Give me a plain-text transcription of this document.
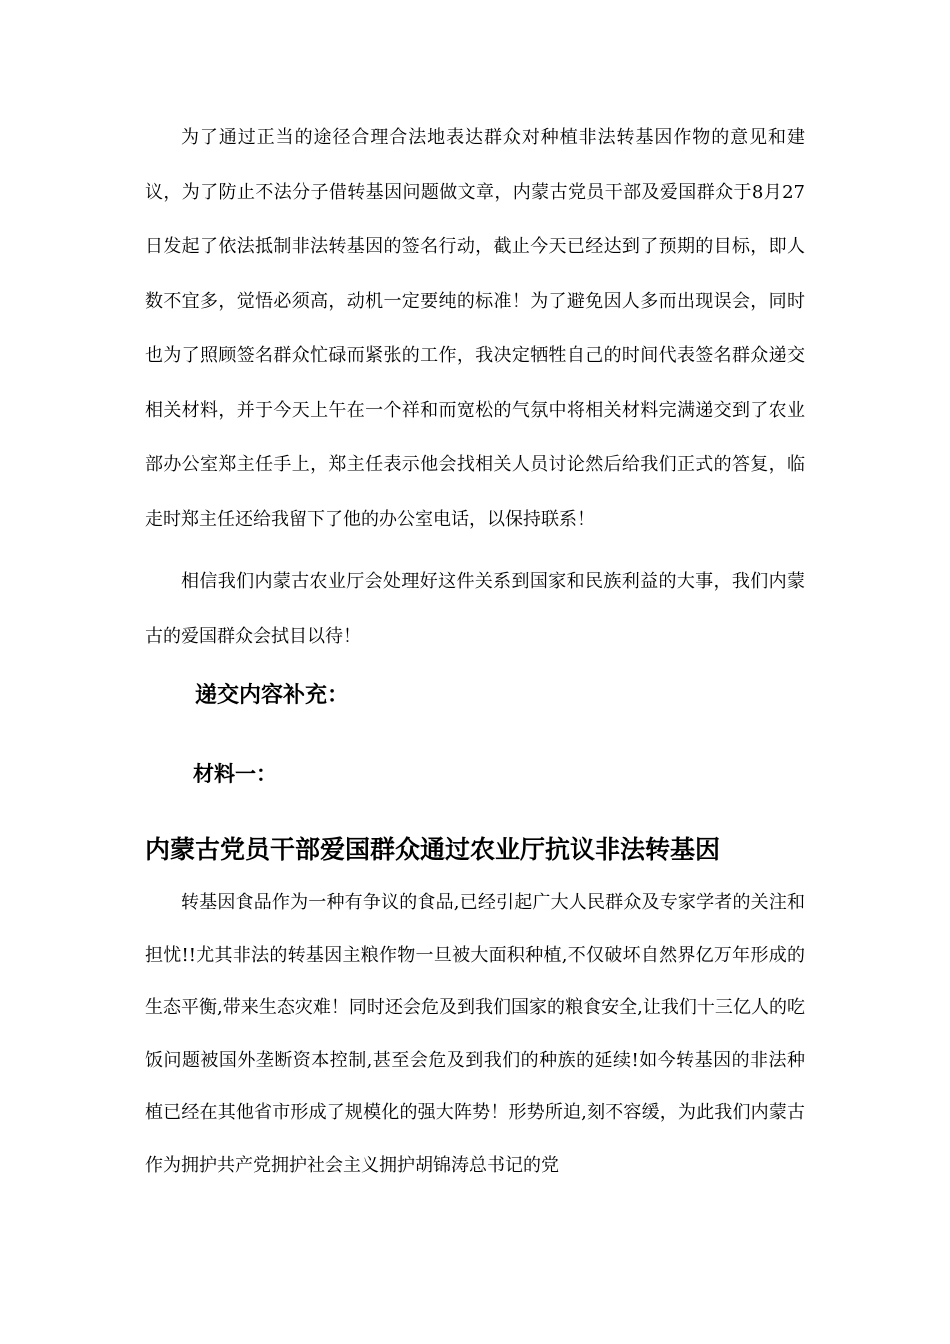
为了通过正当的途径合理合法地表达群众对种植非法转基因作物的意见和建议，为了防止不法分子借转基因问题做文章，内蒙古党员干部及爱国群众于8月27日发起了依法抵制非法转基因的签名行动，截止今天已经达到了预期的目标，即人数不宜多，觉悟必须高，动机一定要纯的标准！为了避免因人多而出现误会，同时也为了照顾签名群众忙碌而紧张的工作，我决定牺牲自己的时间代表签名群众递交相关材料，并于今天上午在一个祥和而宽松的气氛中将相关材料完满递交到了农业部办公室郑主任手上，郑主任表示他会找相关人员讨论然后给我们正式的答复，临走时郑主任还给我留下了他的办公室电话，以保持联系！

相信我们内蒙古农业厅会处理好这件关系到国家和民族利益的大事，我们内蒙古的爱国群众会拭目以待！

递交内容补充：
材料一：
内蒙古党员干部爱国群众通过农业厅抗议非法转基因

转基因食品作为一种有争议的食品,已经引起广大人民群众及专家学者的关注和担忧!!尤其非法的转基因主粮作物一旦被大面积种植,不仅破坏自然界亿万年形成的生态平衡,带来生态灾难！同时还会危及到我们国家的粮食安全,让我们十三亿人的吃饭问题被国外垄断资本控制,甚至会危及到我们的种族的延续!如今转基因的非法种植已经在其他省市形成了规模化的强大阵势！形势所迫,刻不容缓，为此我们内蒙古作为拥护共产党拥护社会主义拥护胡锦涛总书记的党
